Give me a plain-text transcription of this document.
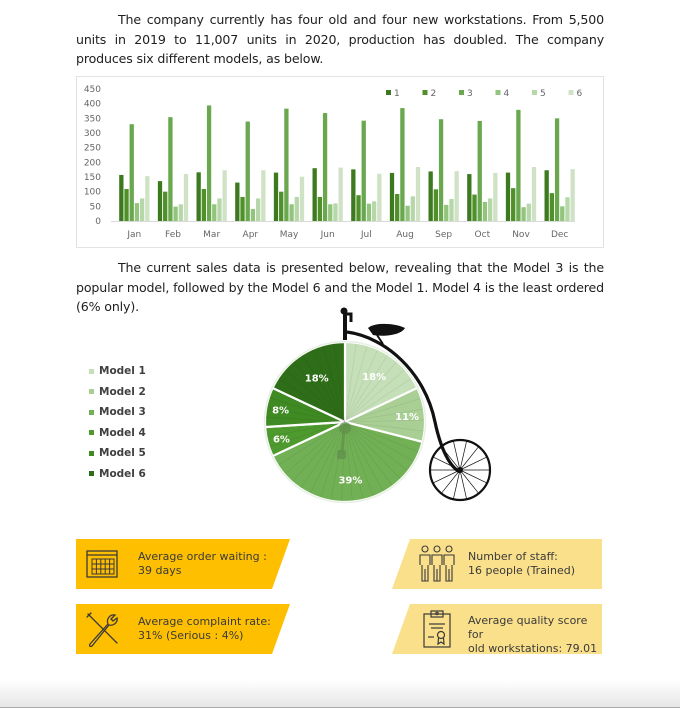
The company currently has four old and four new workstations. From 5,500 units in 2019 to 11,007 units in 2020, production has doubled. The company produces six different models, as below.
0
50
100
150
200
250
300
350
400
450
Jan	Feb Mar Apr May Jun	Jul	Aug Sep Oct Nov Dec
1	2	3	4	5	6
The current sales data is presented below, revealing that the Model 3 is the popular model, followed by the Model 6 and the Model 1. Model 4 is the least ordered (6% only).
Model 1
Model 2
Model 3
Model 4
Model 5
Model 6
18%
11%
39%
6%
8%
18%
Average order waiting :
39 days
Average complaint rate:
31% (Serious : 4%)
Number of staff:
16 people (Trained)
Average quality score for
old workstations: 79.01
